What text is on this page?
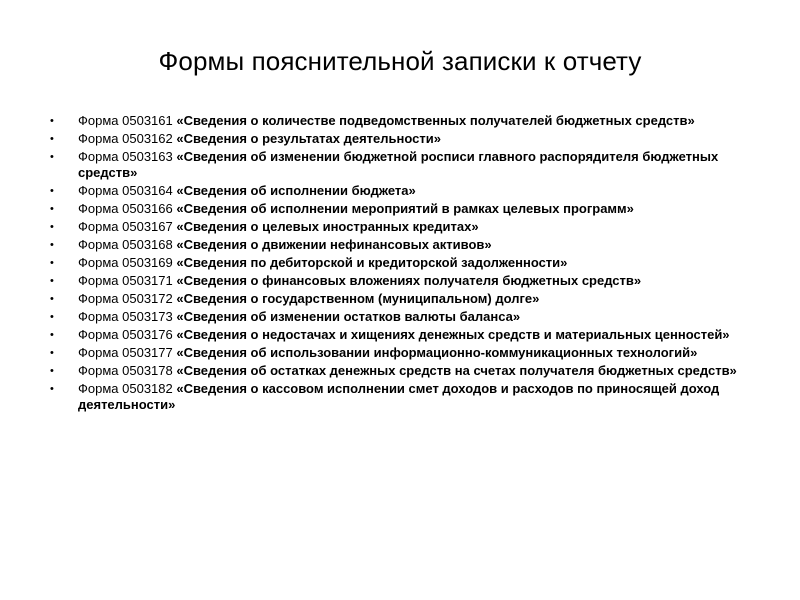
Формы пояснительной записки к отчету
• Форма 0503161 «Сведения о количестве подведомственных получателей бюджетных средств»
• Форма 0503162 «Сведения о результатах деятельности»
• Форма 0503163 «Сведения об изменении бюджетной росписи главного распорядителя бюджетных средств»
• Форма 0503164 «Сведения об исполнении бюджета»
• Форма 0503166 «Сведения об исполнении мероприятий в рамках целевых программ»
• Форма 0503167 «Сведения о целевых иностранных кредитах»
• Форма 0503168 «Сведения о движении нефинансовых активов»
• Форма 0503169 «Сведения по дебиторской и кредиторской задолженности»
• Форма 0503171 «Сведения о финансовых вложениях получателя бюджетных средств»
• Форма 0503172 «Сведения о государственном (муниципальном) долге»
• Форма 0503173 «Сведения об изменении остатков валюты баланса»
• Форма 0503176 «Сведения о недостачах и хищениях денежных средств и материальных ценностей»
• Форма 0503177 «Сведения об использовании информационно-коммуникационных технологий»
• Форма 0503178 «Сведения об остатках денежных средств на счетах получателя бюджетных средств»
• Форма 0503182 «Сведения о кассовом исполнении смет доходов и расходов по приносящей доход деятельности»
